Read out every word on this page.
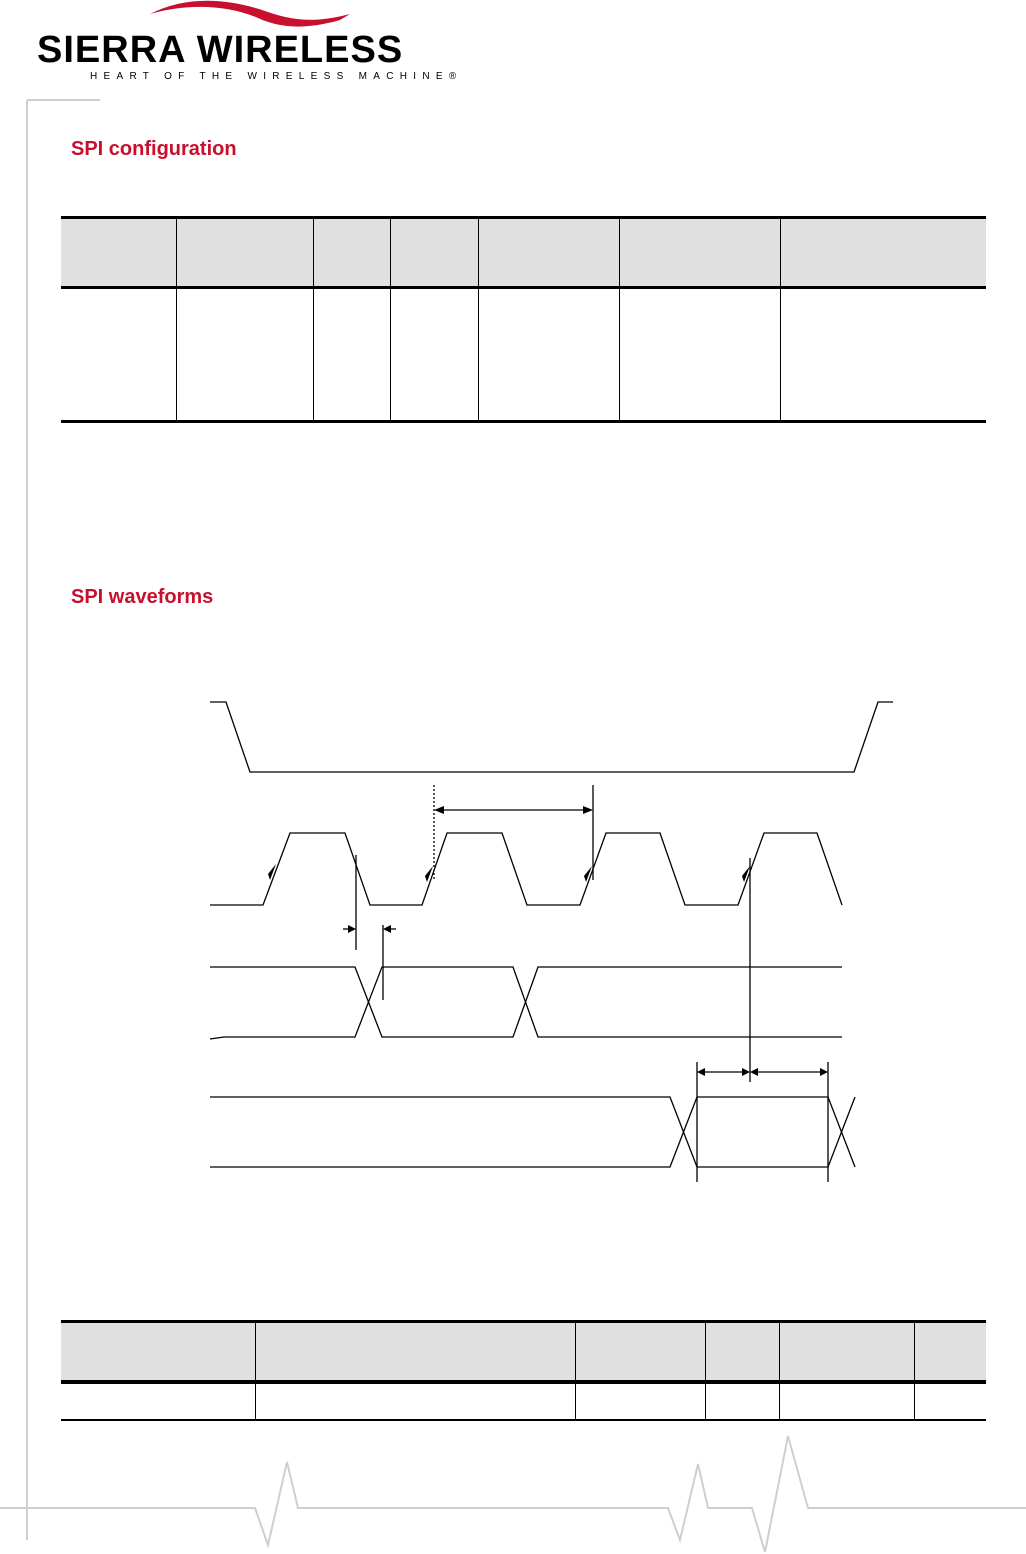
SIERRA WIRELESS
HEART OF THE WIRELESS MACHINE®
SPI configuration

SPI waveforms
